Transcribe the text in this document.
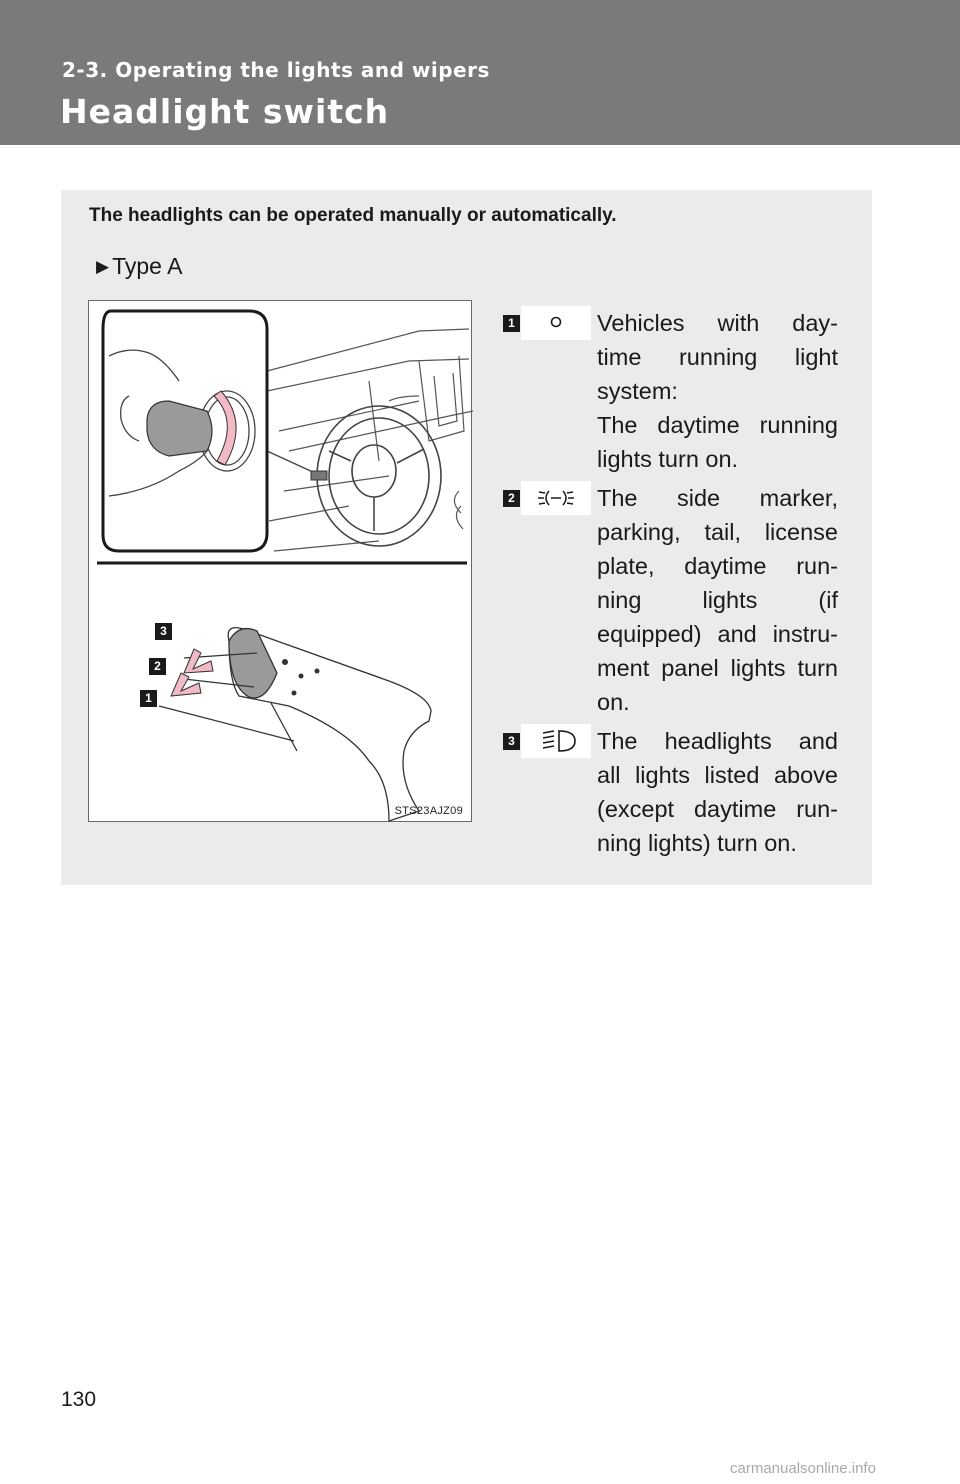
2-3. Operating the lights and wipers
Headlight switch
The headlights can be operated manually or automatically.
▶ Type A
3
2
1
STS23AJZ09
1	Vehicles with day-
time running light
system:
The daytime running
lights turn on.
2	The side marker,
parking, tail, license
plate, daytime run-
ning lights (if
equipped) and instru-
ment panel lights turn
on.
3	The headlights and
all lights listed above
(except daytime run-
ning lights) turn on.
130
carmanualsonline.info
